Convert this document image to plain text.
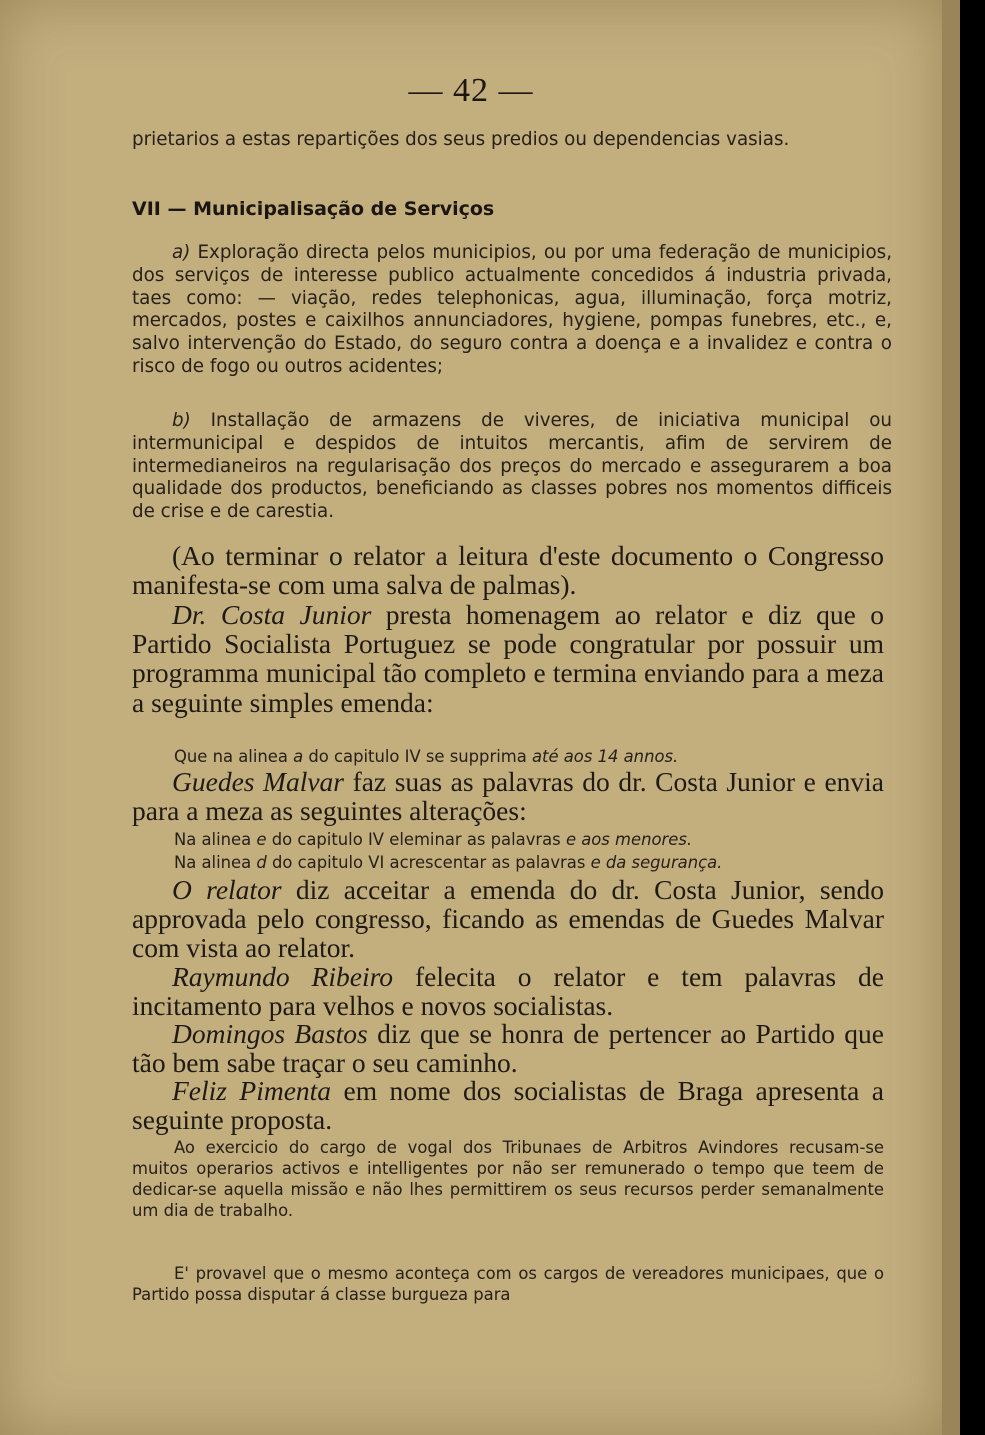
— 42 —

prietarios a estas repartições dos seus predios ou dependencias vasias.

VII — Municipalisação de Serviços

a) Exploração directa pelos municipios, ou por uma federação de municipios, dos serviços de interesse publico actualmente concedidos á industria privada, taes como: — viação, redes telephonicas, agua, illuminação, força motriz, mercados, postes e caixilhos annunciadores, hygiene, pompas funebres, etc., e, salvo intervenção do Estado, do seguro contra a doença e a invalidez e contra o risco de fogo ou outros acidentes;

b) Installação de armazens de viveres, de iniciativa municipal ou intermunicipal e despidos de intuitos mercantis, afim de servirem de intermedianeiros na regularisação dos preços do mercado e assegurarem a boa qualidade dos productos, beneficiando as classes pobres nos momentos difficeis de crise e de carestia.

(Ao terminar o relator a leitura d'este documento o Congresso manifesta-se com uma salva de palmas).

Dr. Costa Junior presta homenagem ao relator e diz que o Partido Socialista Portuguez se pode congratular por possuir um programma municipal tão completo e termina enviando para a meza a seguinte simples emenda:

Que na alinea a do capitulo IV se supprima até aos 14 annos.

Guedes Malvar faz suas as palavras do dr. Costa Junior e envia para a meza as seguintes alterações:

Na alinea e do capitulo IV eleminar as palavras e aos menores.

Na alinea d do capitulo VI acrescentar as palavras e da segurança.

O relator diz acceitar a emenda do dr. Costa Junior, sendo approvada pelo congresso, ficando as emendas de Guedes Malvar com vista ao relator.

Raymundo Ribeiro felecita o relator e tem palavras de incitamento para velhos e novos socialistas.

Domingos Bastos diz que se honra de pertencer ao Partido que tão bem sabe traçar o seu caminho.

Feliz Pimenta em nome dos socialistas de Braga apresenta a seguinte proposta.

Ao exercicio do cargo de vogal dos Tribunaes de Arbitros Avindores recusam-se muitos operarios activos e intelligentes por não ser remunerado o tempo que teem de dedicar-se aquella missão e não lhes permittirem os seus recursos perder semanalmente um dia de trabalho.

E' provavel que o mesmo aconteça com os cargos de vereadores municipaes, que o Partido possa disputar á classe burgueza para
